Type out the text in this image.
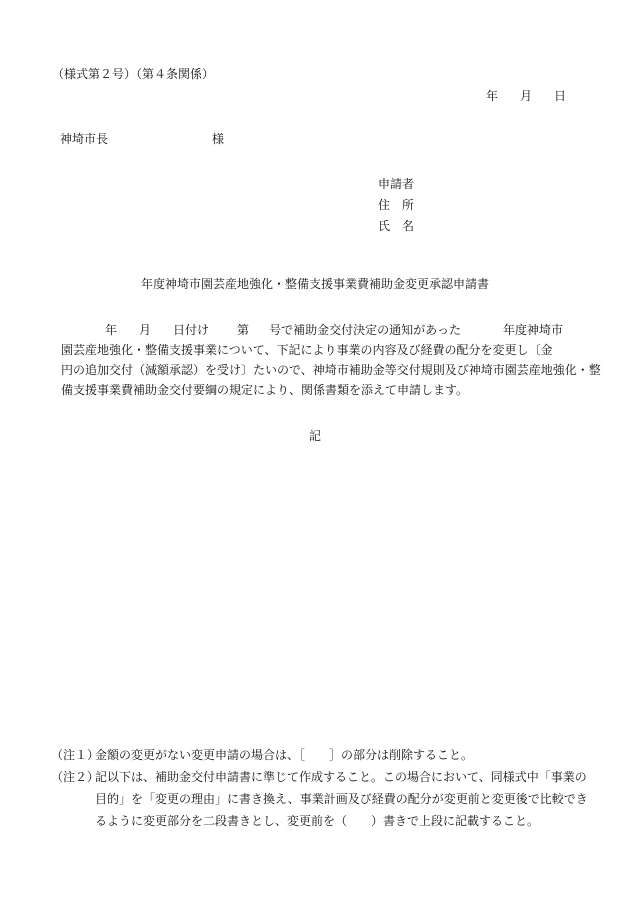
（様式第２号）（第４条関係）
年 月 日
神埼市長	様
申請者
住　所
氏　名
年度神埼市園芸産地強化・整備支援事業費補助金変更承認申請書
年 月 日付け 第 号で補助金交付決定の通知があった	年度神埼市
園芸産地強化・整備支援事業について、下記により事業の内容及び経費の配分を変更し〔金
円の追加交付（減額承認）を受け〕たいので、神埼市補助金等交付規則及び神埼市園芸産地強化・整
備支援事業費補助金交付要綱の規定により、関係書類を添えて申請します。
記
（注１）
金額の変更がない変更申請の場合は、［　　］の部分は削除すること。
（注２）
記以下は、補助金交付申請書に準じて作成すること。この場合において、同様式中「事業の
目的」を「変更の理由」に書き換え、事業計画及び経費の配分が変更前と変更後で比較でき
るように変更部分を二段書きとし、変更前を（　　）書きで上段に記載すること。
